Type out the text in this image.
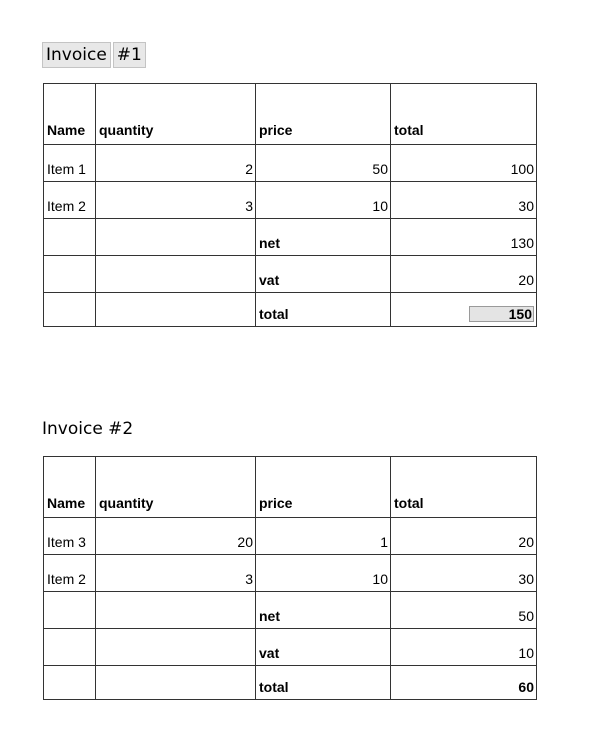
Invoice #1
Name	quantity	price	total
Item 1	2	50	100
Item 2	3	10	30
		net	130
		vat	20
		total	150
Invoice #2
Name	quantity	price	total
Item 3	20	1	20
Item 2	3	10	30
		net	50
		vat	10
		total	60
